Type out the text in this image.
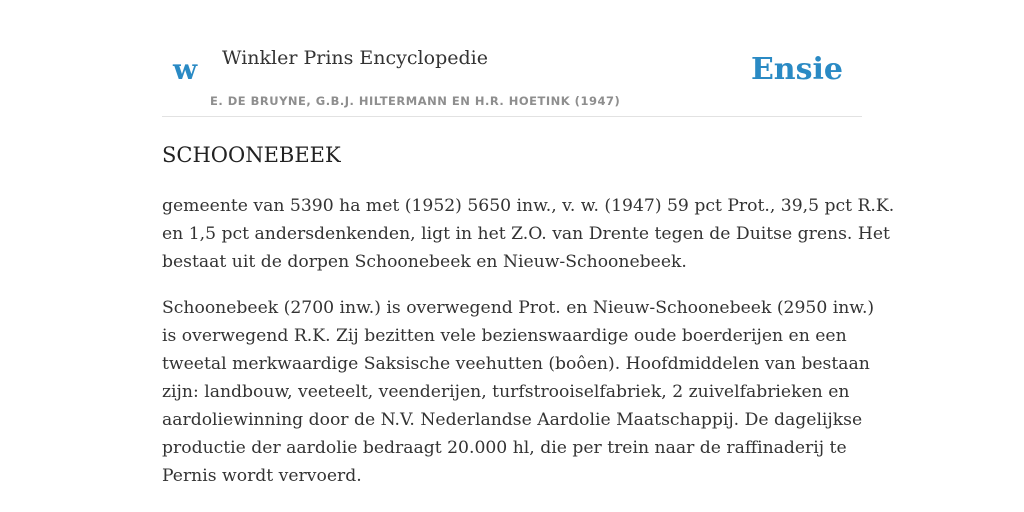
w Winkler Prins Encyclopedie
E. DE BRUYNE, G.B.J. HILTERMANN EN H.R. HOETINK (1947)
Ensie
SCHOONEBEEK

gemeente van 5390 ha met (1952) 5650 inw., v. w. (1947) 59 pct Prot., 39,5 pct R.K.
en 1,5 pct andersdenkenden, ligt in het Z.O. van Drente tegen de Duitse grens. Het
bestaat uit de dorpen Schoonebeek en Nieuw-Schoonebeek.

Schoonebeek (2700 inw.) is overwegend Prot. en Nieuw-Schoonebeek (2950 inw.)
is overwegend R.K. Zij bezitten vele bezienswaardige oude boerderijen en een
tweetal merkwaardige Saksische veehutten (boôen). Hoofdmiddelen van bestaan
zijn: landbouw, veeteelt, veenderijen, turfstrooiselfabriek, 2 zuivelfabrieken en
aardoliewinning door de N.V. Nederlandse Aardolie Maatschappij. De dagelijkse
productie der aardolie bedraagt 20.000 hl, die per trein naar de raffinaderij te
Pernis wordt vervoerd.
